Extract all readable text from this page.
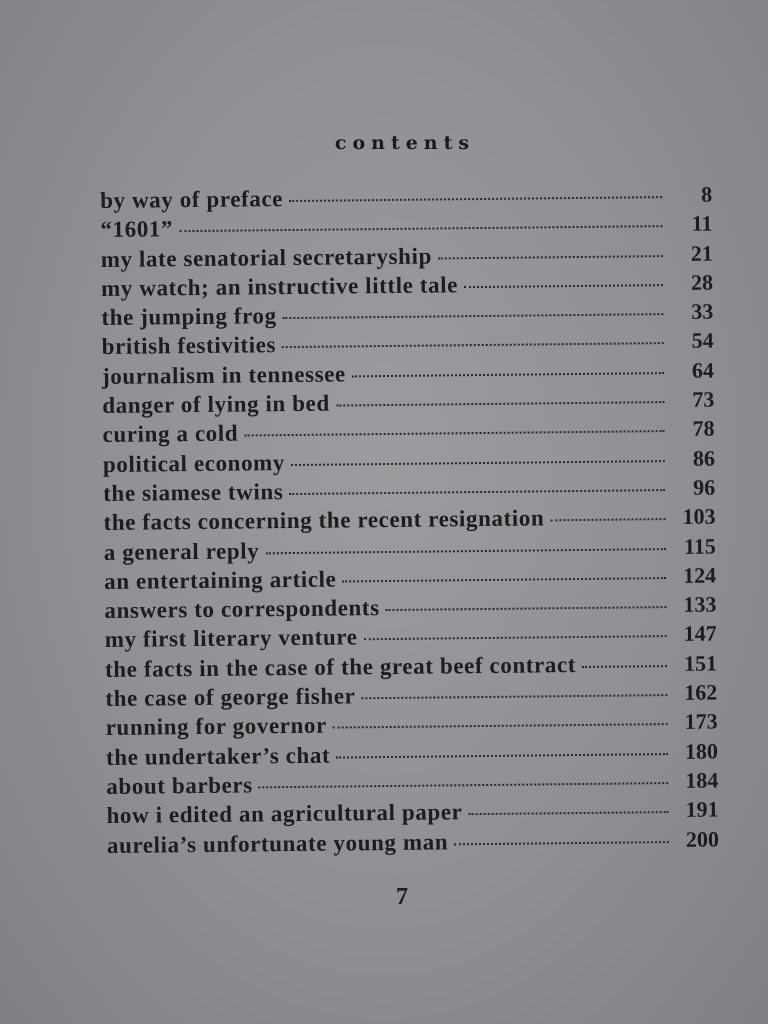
contents
by way of preface	8
“1601”	11
my late senatorial secretaryship	21
my watch; an instructive little tale	28
the jumping frog	33
british festivities	54
journalism in tennessee	64
danger of lying in bed	73
curing a cold	78
political economy	86
the siamese twins	96
the facts concerning the recent resignation	103
a general reply	115
an entertaining article	124
answers to correspondents	133
my first literary venture	147
the facts in the case of the great beef contract	151
the case of george fisher	162
running for governor	173
the undertaker’s chat	180
about barbers	184
how i edited an agricultural paper	191
aurelia’s unfortunate young man	200
7
